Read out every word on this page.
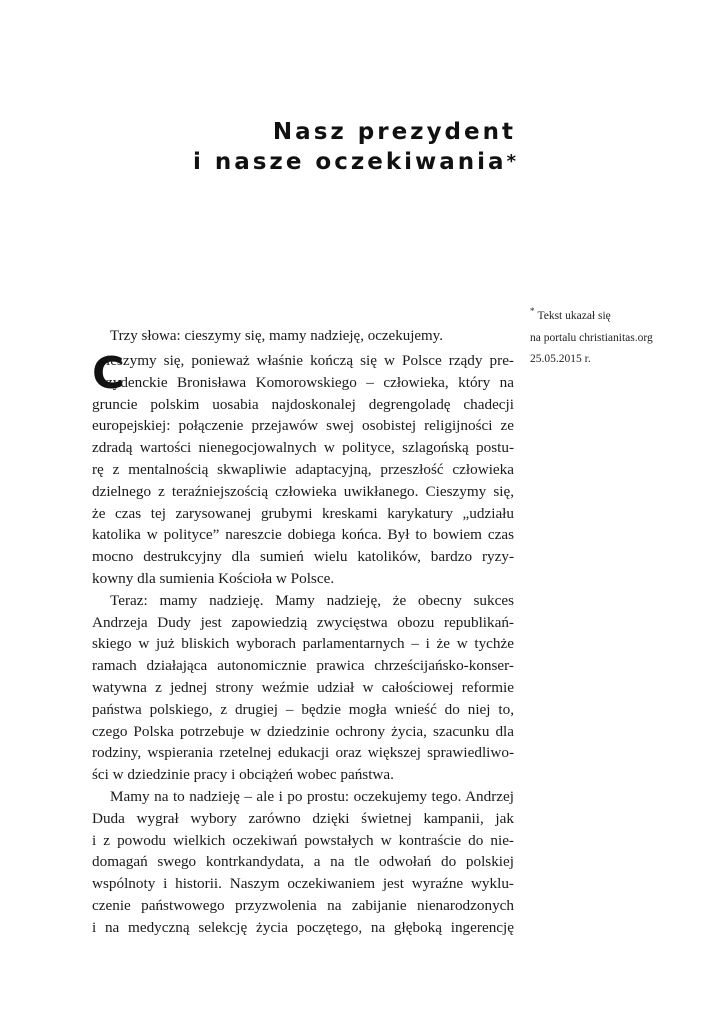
Nasz prezydent
i nasze oczekiwania*
* Tekst ukazał się
na portalu christianitas.org
25.05.2015 r.

Trzy słowa: cieszymy się, mamy nadzieję, oczekujemy.

C
ieszymy się, ponieważ właśnie kończą się w Polsce rządy pre-
zydenckie Bronisława Komorowskiego – człowieka, który na
gruncie polskim uosabia najdoskonalej degrengoladę chadecji
europejskiej: połączenie przejawów swej osobistej religijności ze
zdradą wartości nienegocjowalnych w polityce, szlagońską postu-
rę z mentalnością skwapliwie adaptacyjną, przeszłość człowieka
dzielnego z teraźniejszością człowieka uwikłanego. Cieszymy się,
że czas tej zarysowanej grubymi kreskami karykatury „udziału
katolika w polityce” nareszcie dobiega końca. Był to bowiem czas
mocno destrukcyjny dla sumień wielu katolików, bardzo ryzy-
kowny dla sumienia Kościoła w Polsce.
Teraz: mamy nadzieję. Mamy nadzieję, że obecny sukces
Andrzeja Dudy jest zapowiedzią zwycięstwa obozu republikań-
skiego w już bliskich wyborach parlamentarnych – i że w tychże
ramach działająca autonomicznie prawica chrześcijańsko-konser-
watywna z jednej strony weźmie udział w całościowej reformie
państwa polskiego, z drugiej – będzie mogła wnieść do niej to,
czego Polska potrzebuje w dziedzinie ochrony życia, szacunku dla
rodziny, wspierania rzetelnej edukacji oraz większej sprawiedliwo-
ści w dziedzinie pracy i obciążeń wobec państwa.
Mamy na to nadzieję – ale i po prostu: oczekujemy tego. Andrzej
Duda wygrał wybory zarówno dzięki świetnej kampanii, jak
i z powodu wielkich oczekiwań powstałych w kontraście do nie-
domagań swego kontrkandydata, a na tle odwołań do polskiej
wspólnoty i historii. Naszym oczekiwaniem jest wyraźne wyklu-
czenie państwowego przyzwolenia na zabijanie nienarodzonych
i na medyczną selekcję życia poczętego, na głęboką ingerencję
